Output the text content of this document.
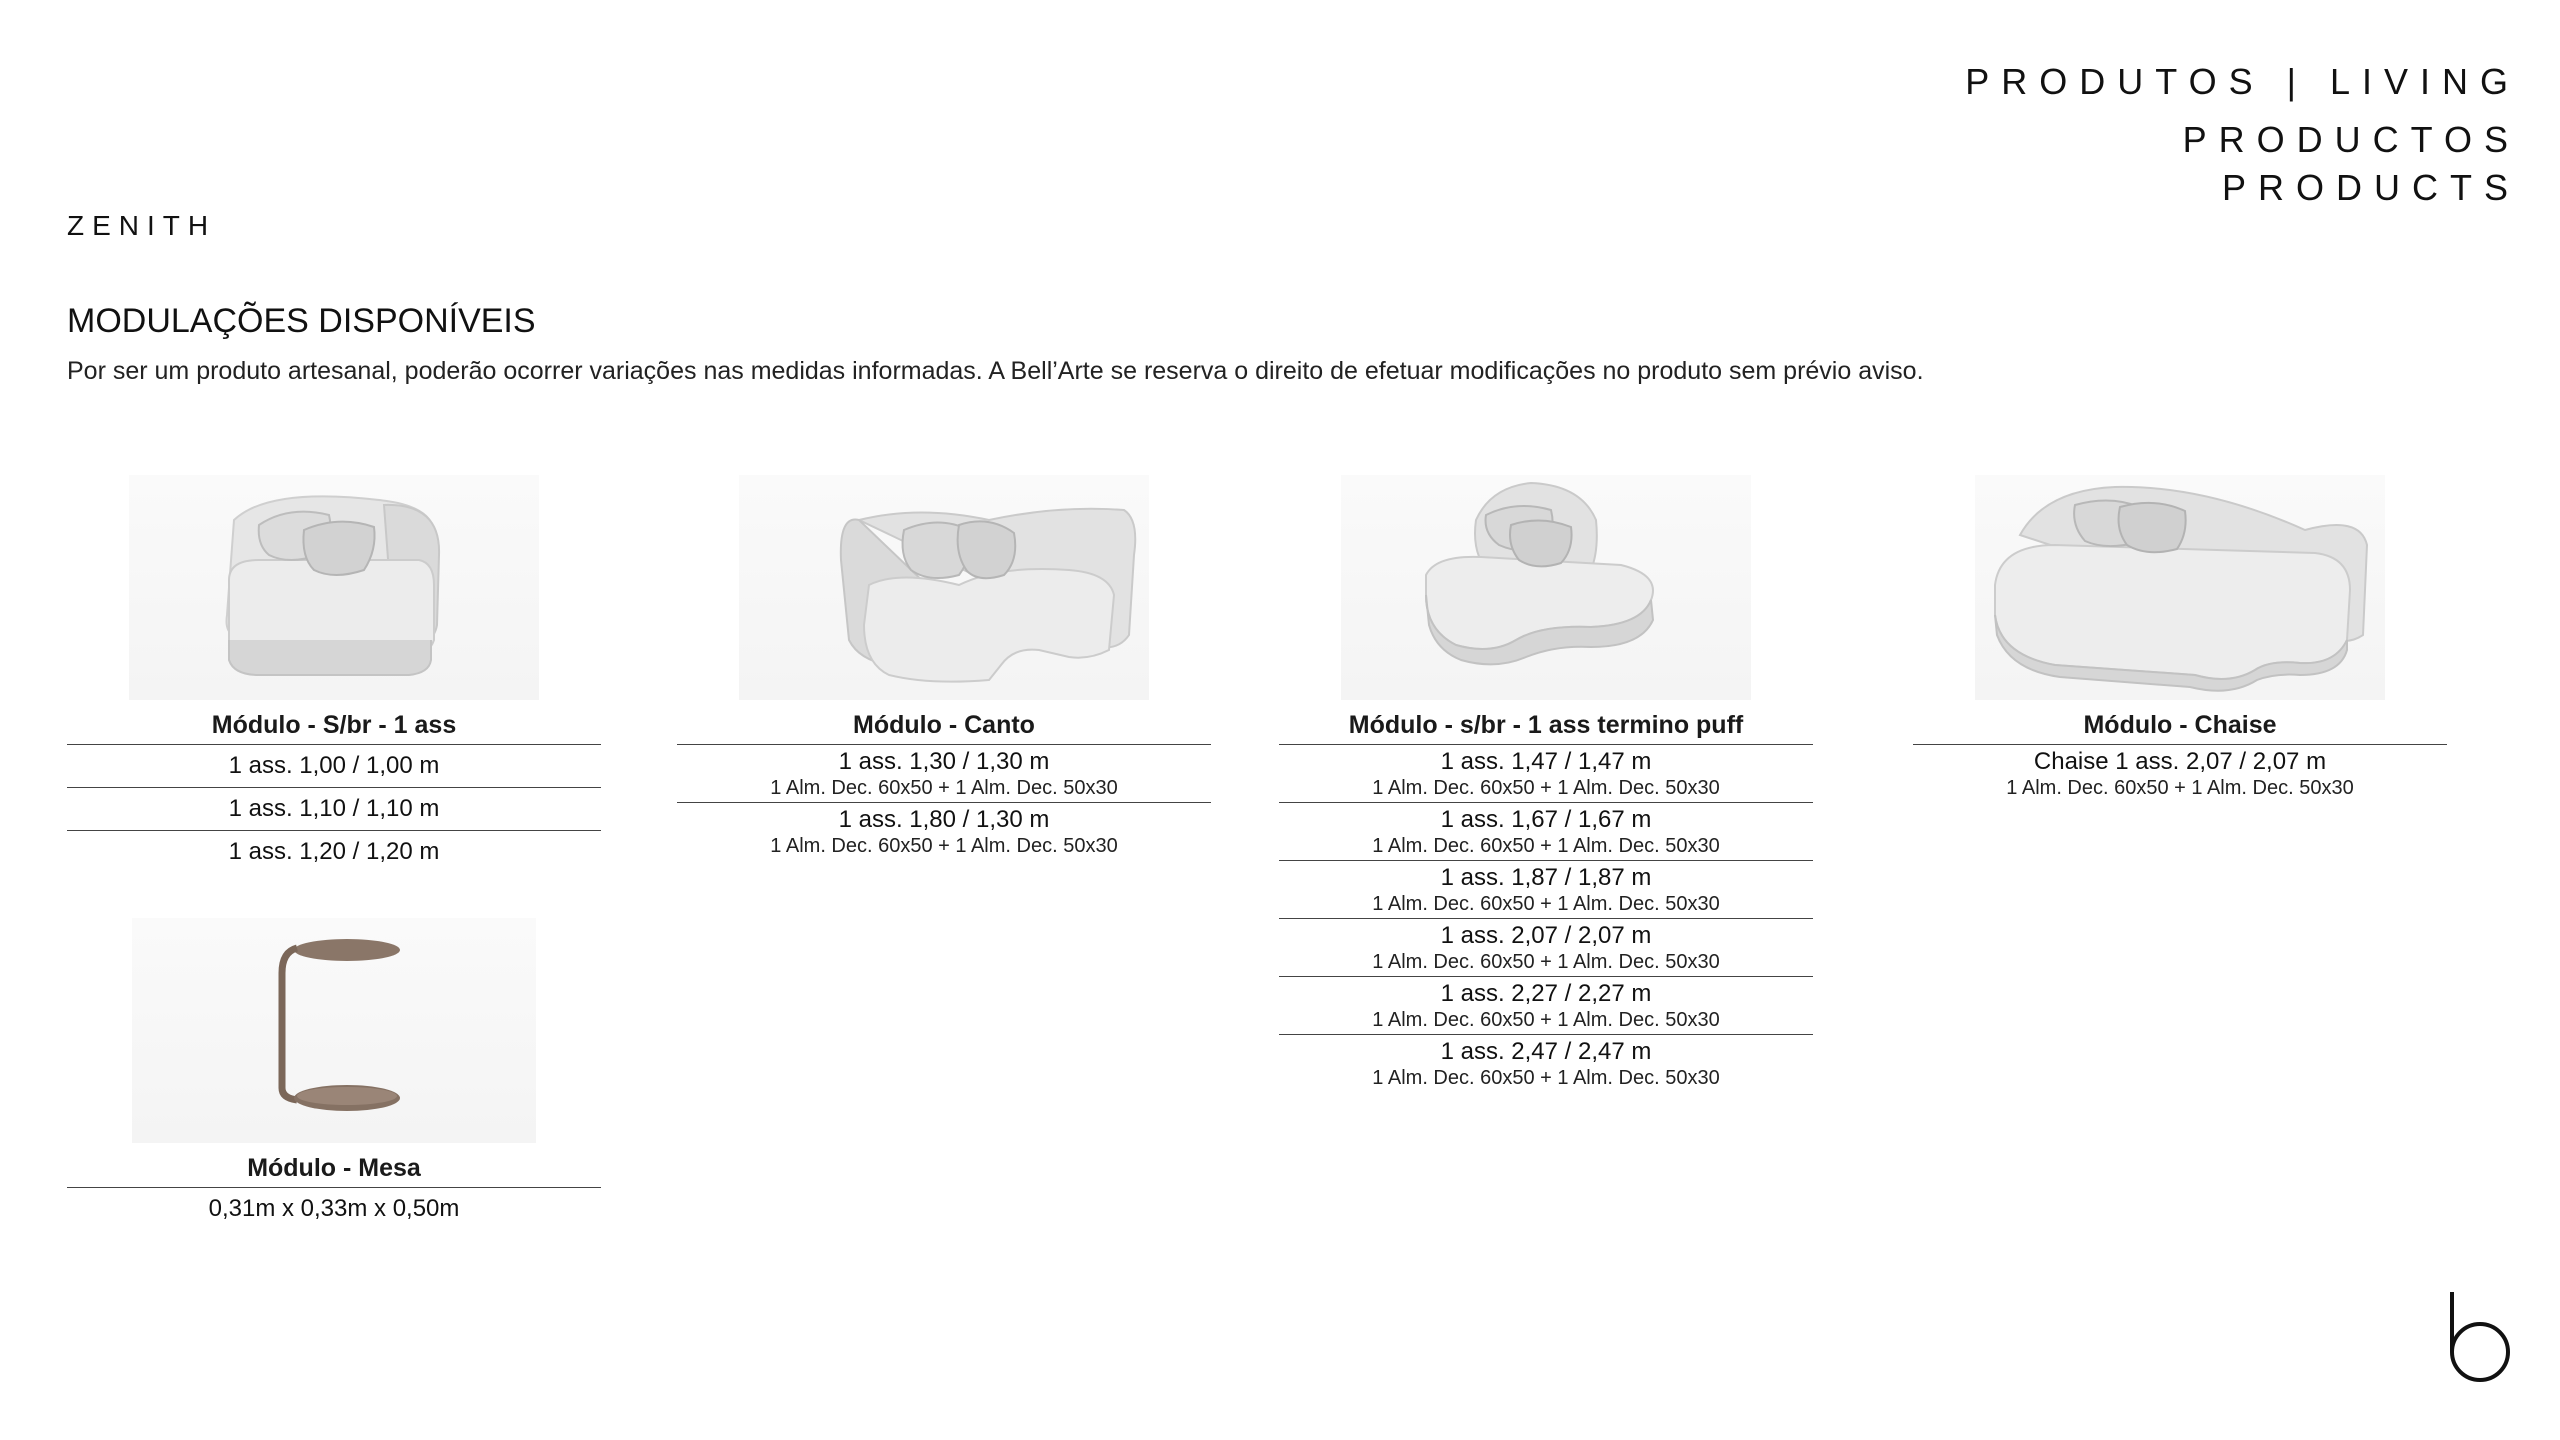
PRODUTOS | LIVING
PRODUCTOS
PRODUCTS
ZENITH
MODULAÇÕES DISPONÍVEIS
Por ser um produto artesanal, poderão ocorrer variações nas medidas informadas. A Bell’Arte se reserva o direito de efetuar modificações no produto sem prévio aviso.
Módulo - S/br - 1 ass
1 ass. 1,00 / 1,00 m
1 ass. 1,10 / 1,10 m
1 ass. 1,20 / 1,20 m
Módulo - Canto
1 ass. 1,30 / 1,30 m
1 Alm. Dec. 60x50 + 1 Alm. Dec. 50x30
1 ass. 1,80 / 1,30 m
1 Alm. Dec. 60x50 + 1 Alm. Dec. 50x30
Módulo - s/br - 1 ass termino puff
1 ass. 1,47 / 1,47 m
1 Alm. Dec. 60x50 + 1 Alm. Dec. 50x30
1 ass. 1,67 / 1,67 m
1 Alm. Dec. 60x50 + 1 Alm. Dec. 50x30
1 ass. 1,87 / 1,87 m
1 Alm. Dec. 60x50 + 1 Alm. Dec. 50x30
1 ass. 2,07 / 2,07 m
1 Alm. Dec. 60x50 + 1 Alm. Dec. 50x30
1 ass. 2,27 / 2,27 m
1 Alm. Dec. 60x50 + 1 Alm. Dec. 50x30
1 ass. 2,47 / 2,47 m
1 Alm. Dec. 60x50 + 1 Alm. Dec. 50x30
Módulo - Chaise
Chaise 1 ass. 2,07 / 2,07 m
1 Alm. Dec. 60x50 + 1 Alm. Dec. 50x30
Módulo - Mesa
0,31m x 0,33m x 0,50m
